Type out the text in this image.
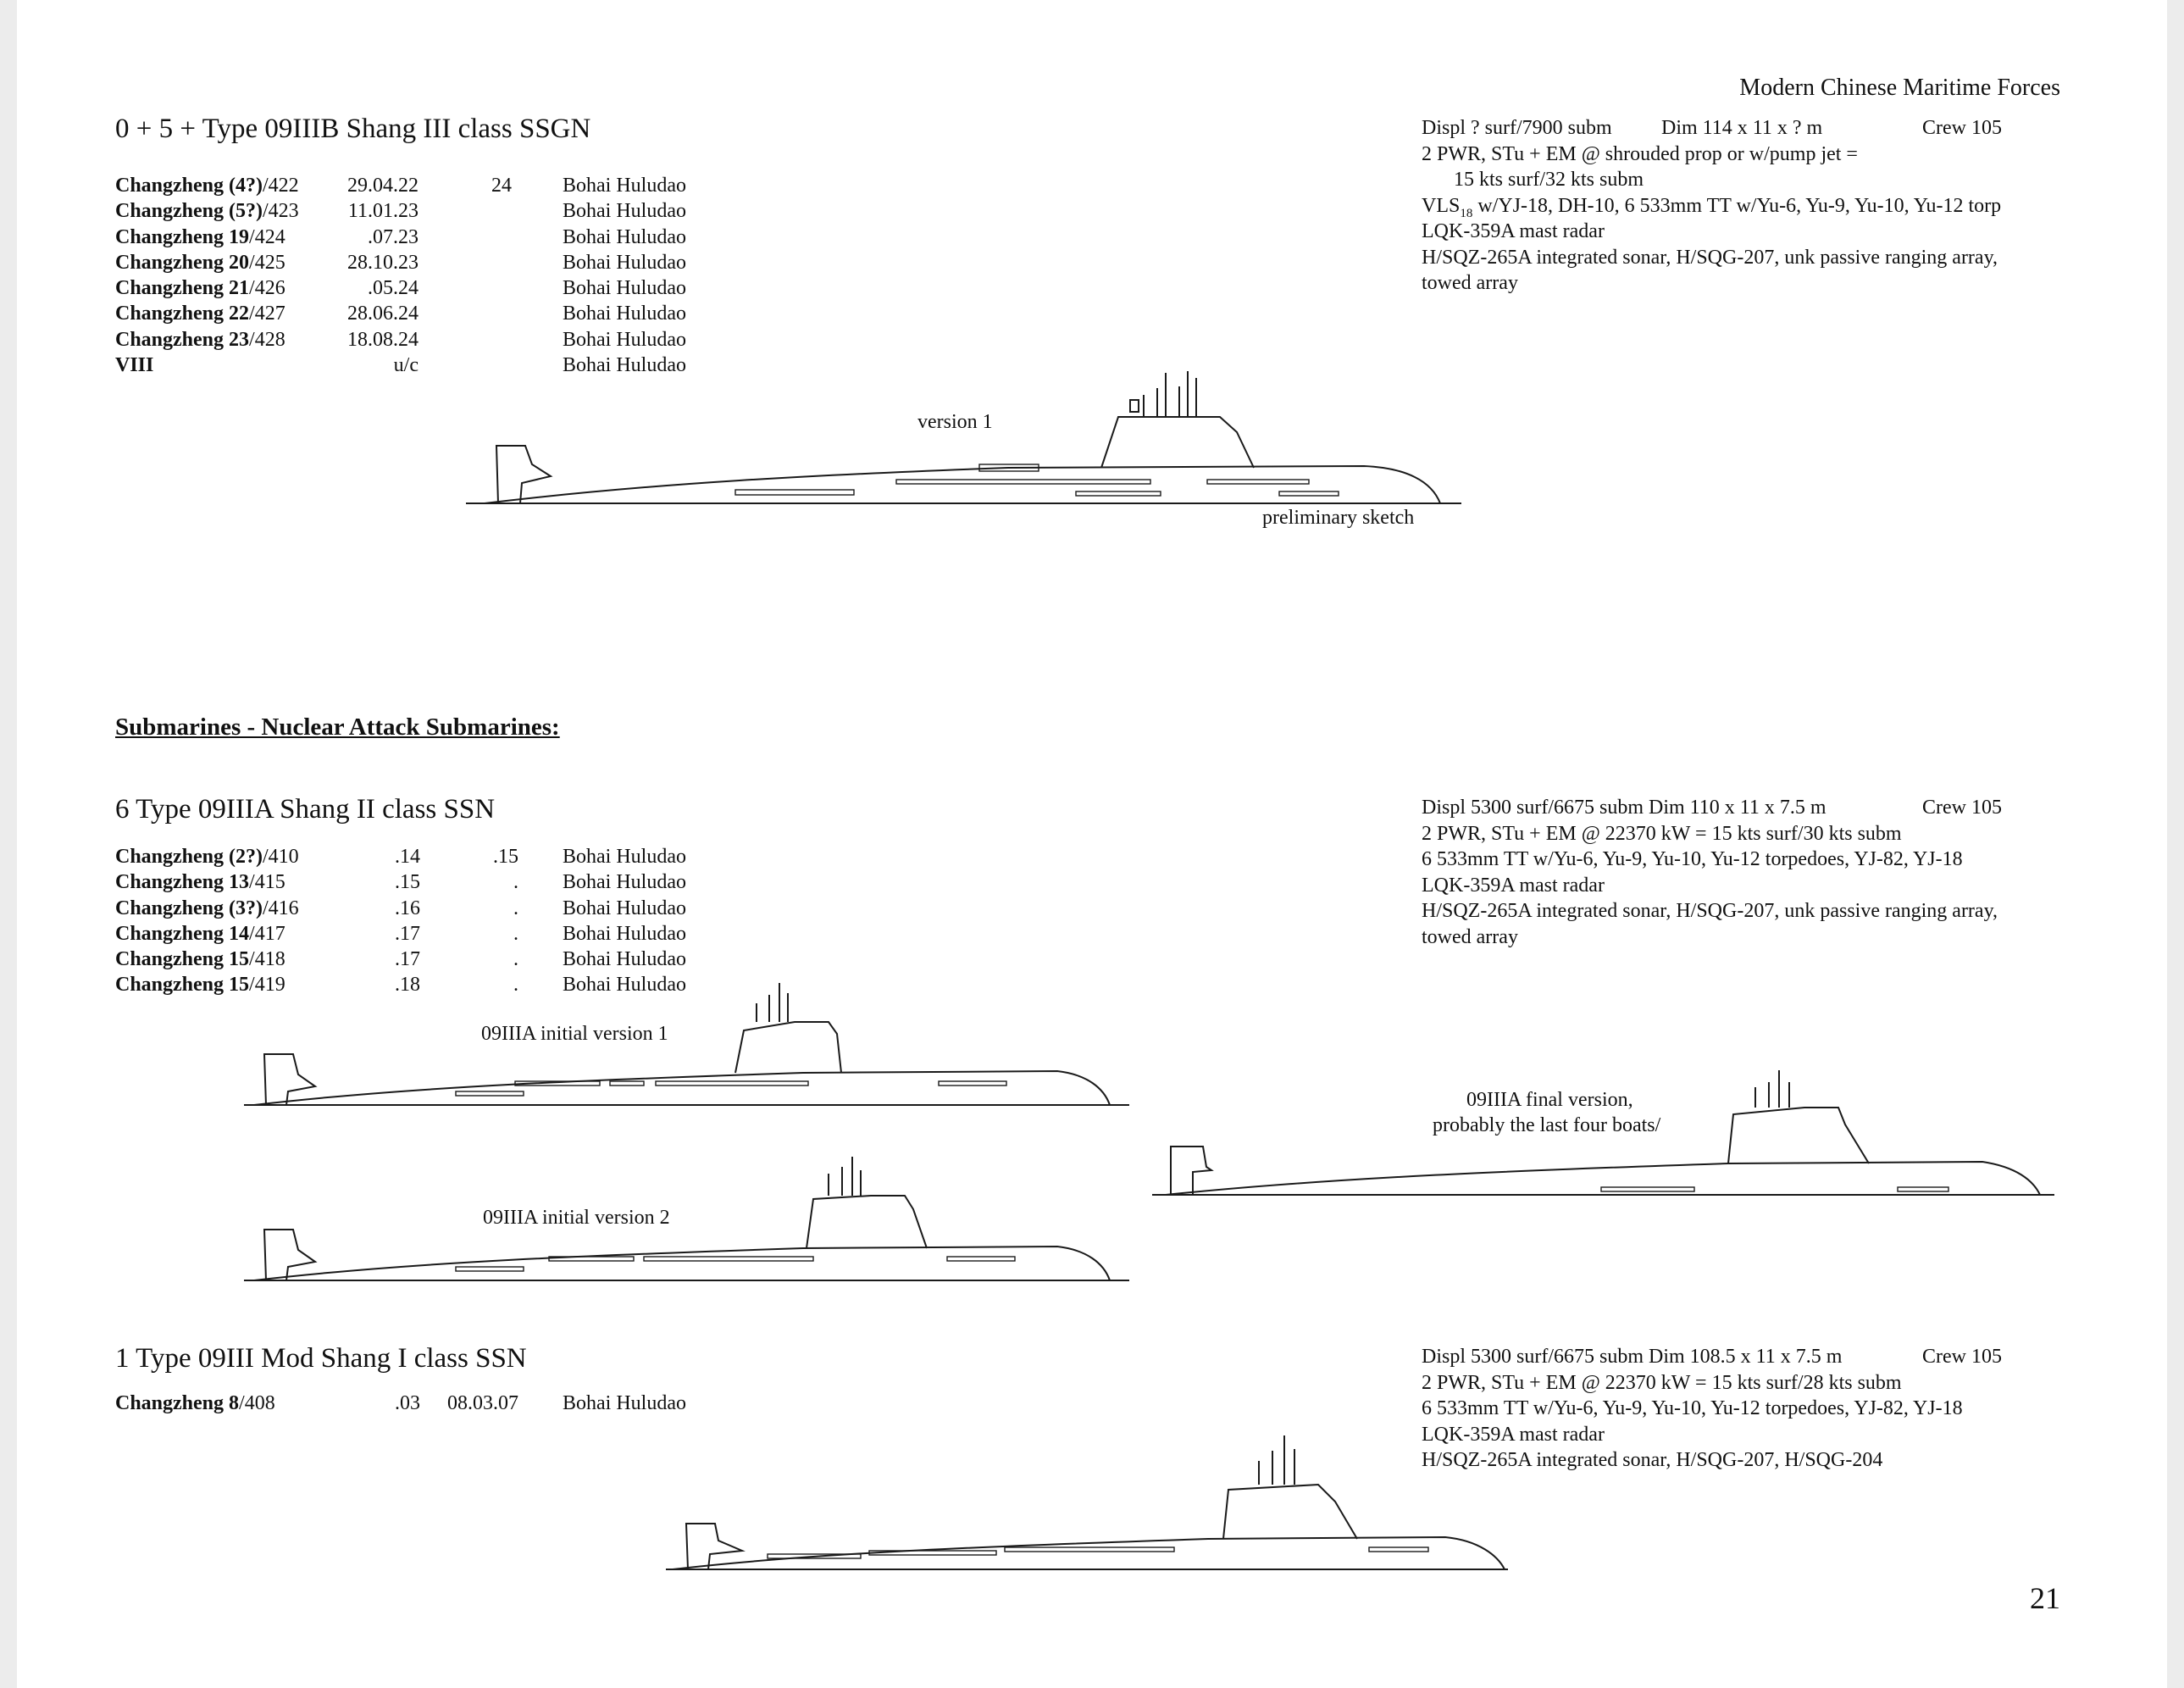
Modern Chinese Maritime Forces
0 + 5 + Type 09IIIB Shang III class SSGN	Displ ? surf/7900 subm Dim 114 x 11 x ? m	Crew 105
2 PWR, STu + EM @ shrouded prop or w/pump jet =
15 kts surf/32 kts subm
$VLS_{18}$ w/YJ-18, DH-10, 6 533mm TT w/Yu-6, Yu-9, Yu-10, Yu-12 torp
LQK-359A mast radar
H/SQZ-265A integrated sonar, H/SQG-207, unk passive ranging array,
towed array
Changzheng (4?)/422 29.04.22	24	Bohai Huludao
Changzheng (5?)/423 11.01.23	Bohai Huludao
Changzheng 19/424	.07.23	Bohai Huludao
Changzheng 20/425	28.10.23	Bohai Huludao
Changzheng 21/426	.05.24	Bohai Huludao
Changzheng 22/427	28.06.24	Bohai Huludao
Changzheng 23/428	18.08.24	Bohai Huludao
VIII	u/c	Bohai Huludao
version 1
preliminary sketch
Submarines - Nuclear Attack Submarines:
6 Type 09IIIA Shang II class SSN	Displ 5300 surf/6675 subm Dim 110 x 11 x 7.5 m	Crew 105
2 PWR, STu + EM @ 22370 kW = 15 kts surf/30 kts subm
6 533mm TT w/Yu-6, Yu-9, Yu-10, Yu-12 torpedoes, YJ-82, YJ-18
LQK-359A mast radar
H/SQZ-265A integrated sonar, H/SQG-207, unk passive ranging array,
towed array
Changzheng (2?)/410	.14	.15 Bohai Huludao
Changzheng 13/415	.15	. Bohai Huludao
Changzheng (3?)/416	.16	. Bohai Huludao
Changzheng 14/417	.17	. Bohai Huludao
Changzheng 15/418	.17	. Bohai Huludao
Changzheng 15/419	.18	. Bohai Huludao
09IIIA initial version 1
09IIIA initial version 2
09IIIA final version,
probably the last four boats/
1 Type 09III Mod Shang I class SSN	Displ 5300 surf/6675 subm Dim 108.5 x 11 x 7.5 m	Crew 105
2 PWR, STu + EM @ 22370 kW = 15 kts surf/28 kts subm
6 533mm TT w/Yu-6, Yu-9, Yu-10, Yu-12 torpedoes, YJ-82, YJ-18
LQK-359A mast radar
H/SQZ-265A integrated sonar, H/SQG-207, H/SQG-204
Changzheng 8/408	.03 08.03.07 Bohai Huludao
21
